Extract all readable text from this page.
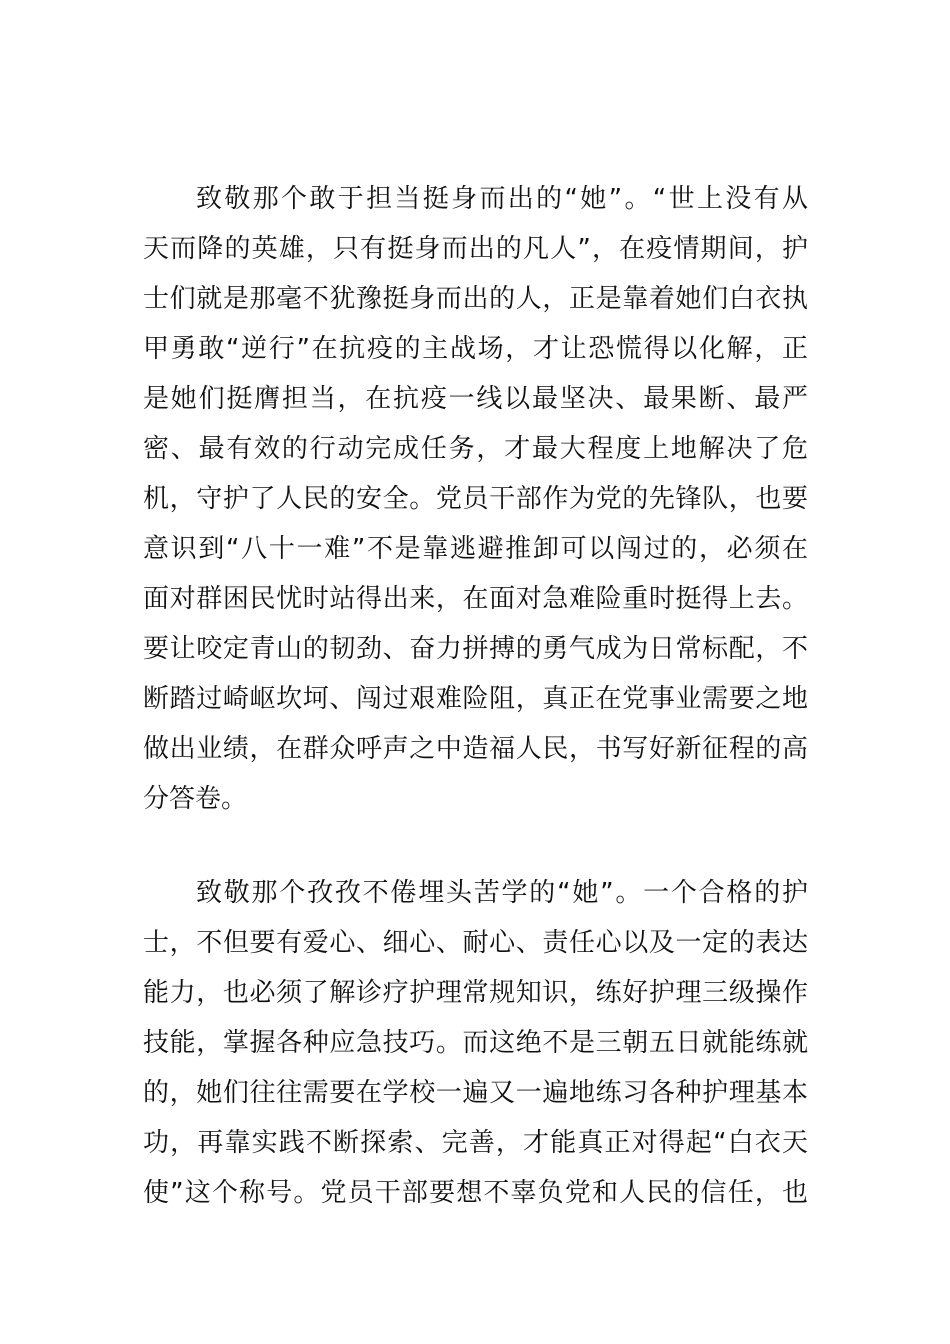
致敬那个敢于担当挺身而出的“她”。“世上没有从
天而降的英雄，只有挺身而出的凡人”，在疫情期间，护
士们就是那毫不犹豫挺身而出的人，正是靠着她们白衣执
甲勇敢“逆行”在抗疫的主战场，才让恐慌得以化解，正
是她们挺膺担当，在抗疫一线以最坚决、最果断、最严
密、最有效的行动完成任务，才最大程度上地解决了危
机，守护了人民的安全。党员干部作为党的先锋队，也要
意识到“八十一难”不是靠逃避推卸可以闯过的，必须在
面对群困民忧时站得出来，在面对急难险重时挺得上去。
要让咬定青山的韧劲、奋力拼搏的勇气成为日常标配，不
断踏过崎岖坎坷、闯过艰难险阻，真正在党事业需要之地
做出业绩，在群众呼声之中造福人民，书写好新征程的高
分答卷。
致敬那个孜孜不倦埋头苦学的“她”。一个合格的护
士，不但要有爱心、细心、耐心、责任心以及一定的表达
能力，也必须了解诊疗护理常规知识，练好护理三级操作
技能，掌握各种应急技巧。而这绝不是三朝五日就能练就
的，她们往往需要在学校一遍又一遍地练习各种护理基本
功，再靠实践不断探索、完善，才能真正对得起“白衣天
使”这个称号。党员干部要想不辜负党和人民的信任，也
